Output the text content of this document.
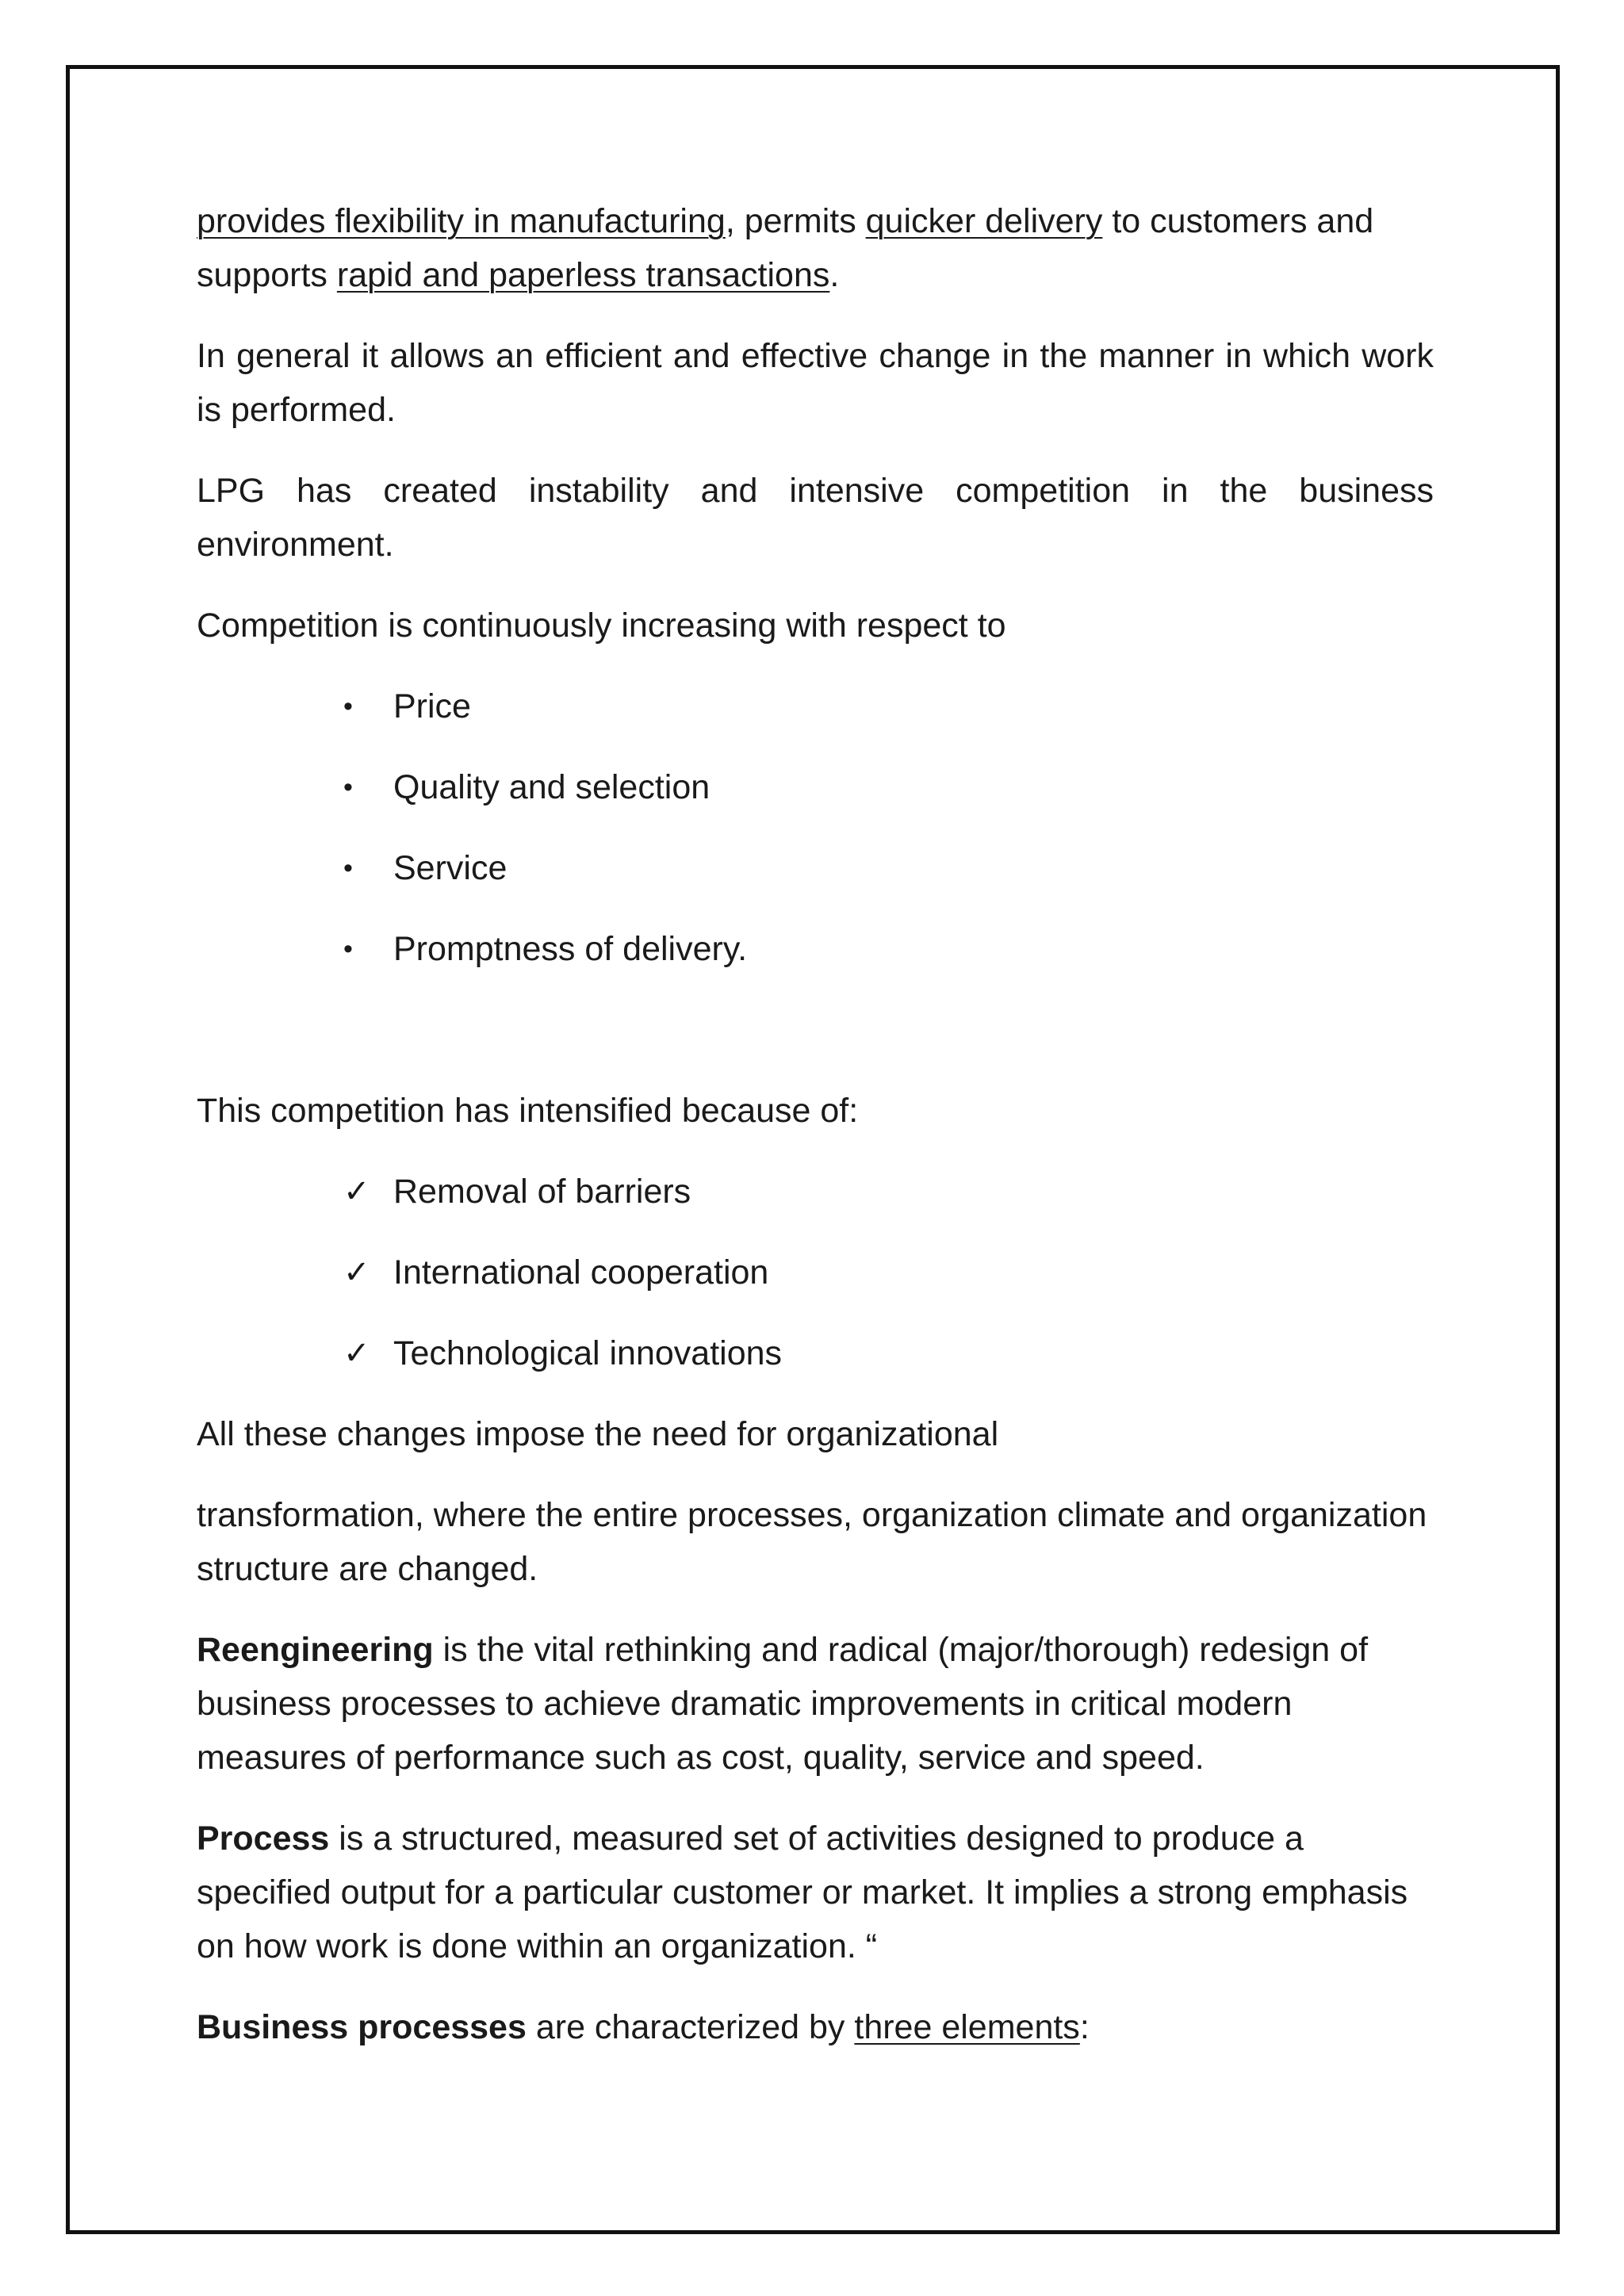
provides flexibility in manufacturing, permits quicker delivery to customers and supports rapid and paperless transactions.

In general it allows an efficient and effective change in the manner in which work is performed.

LPG has created instability and intensive competition in the business environment.

Competition is continuously increasing with respect to

•	Price
•	Quality and selection
•	Service
•	Promptness of delivery.

This competition has intensified because of:

✓ Removal of barriers
✓ International cooperation
✓ Technological innovations

All these changes impose the need for organizational

transformation, where the entire processes, organization climate and organization structure are changed.

Reengineering is the vital rethinking and radical (major/thorough) redesign of business processes to achieve dramatic improvements in critical modern measures of performance such as cost, quality, service and speed.

Process is a structured, measured set of activities designed to produce a specified output for a particular customer or market. It implies a strong emphasis on how work is done within an organization. “

Business processes are characterized by three elements:
